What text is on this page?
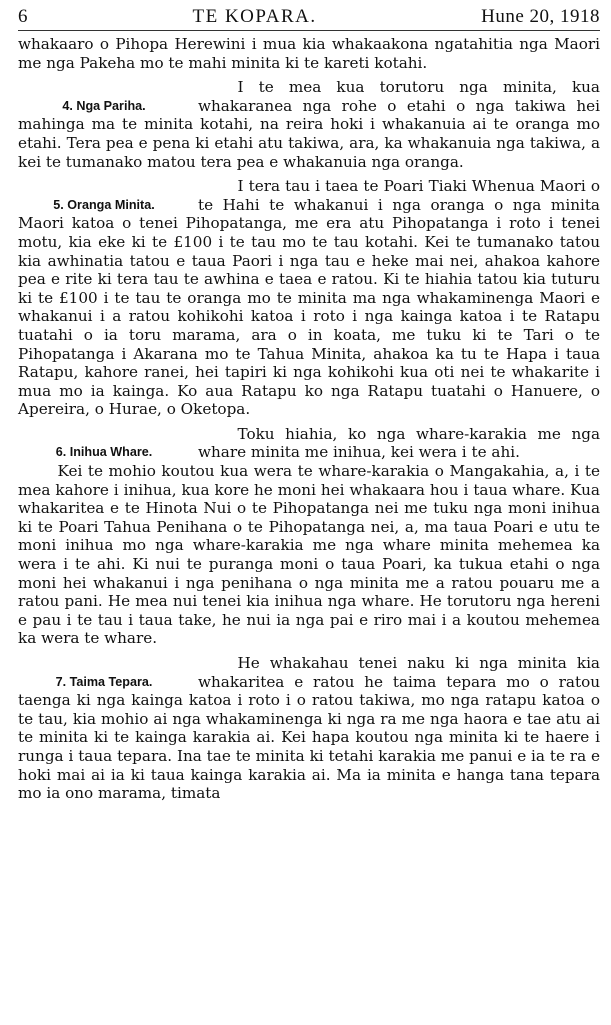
6	TE KOPARA.	Hune 20, 1918

whakaaro o Pihopa Herewini i mua kia whakaakona ngatahitia nga Maori me nga Pakeha mo te mahi minita ki te kareti kotahi.

4. Nga Pariha.

I te mea kua torutoru nga minita, kua whakaranea nga rohe o etahi o nga takiwa hei mahinga ma te minita kotahi, na reira hoki i whakanuia ai te oranga mo etahi. Tera pea e pena ki etahi atu takiwa, ara, ka whakanuia nga takiwa, a kei te tumanako matou tera pea e whakanuia nga oranga.

5. Oranga Minita.

I tera tau i taea te Poari Tiaki Whenua Maori o te Hahi te whakanui i nga oranga o nga minita Maori katoa o tenei Pihopatanga, me era atu Pihopatanga i roto i tenei motu, kia eke ki te £100 i te tau mo te tau kotahi. Kei te tumanako tatou kia awhinatia tatou e taua Paori i nga tau e heke mai nei, ahakoa kahore pea e rite ki tera tau te awhina e taea e ratou. Ki te hiahia tatou kia tuturu ki te £100 i te tau te oranga mo te minita ma nga whakaminenga Maori e whakanui i a ratou kohikohi katoa i roto i nga kainga katoa i te Ratapu tuatahi o ia toru marama, ara o in koata, me tuku ki te Tari o te Pihopatanga i Akarana mo te Tahua Minita, ahakoa ka tu te Hapa i taua Ratapu, kahore ranei, hei tapiri ki nga kohikohi kua oti nei te whakarite i mua mo ia kainga. Ko aua Ratapu ko nga Ratapu tuatahi o Hanuere, o Apereira, o Hurae, o Oketopa.

6. Inihua Whare.

Toku hiahia, ko nga whare-karakia me nga whare minita me inihua, kei wera i te ahi.

Kei te mohio koutou kua wera te whare-karakia o Mangakahia, a, i te mea kahore i inihua, kua kore he moni hei whakaara hou i taua whare. Kua whakaritea e te Hinota Nui o te Pihopatanga nei me tuku nga moni inihua ki te Poari Tahua Penihana o te Pihopatanga nei, a, ma taua Poari e utu te moni inihua mo nga whare-karakia me nga whare minita mehemea ka wera i te ahi. Ki nui te puranga moni o taua Poari, ka tukua etahi o nga moni hei whakanui i nga penihana o nga minita me a ratou pouaru me a ratou pani. He mea nui tenei kia inihua nga whare. He torutoru nga hereni e pau i te tau i taua take, he nui ia nga pai e riro mai i a koutou mehemea ka wera te whare.

7. Taima Tepara.

He whakahau tenei naku ki nga minita kia whakaritea e ratou he taima tepara mo o ratou taenga ki nga kainga katoa i roto i o ratou takiwa, mo nga ratapu katoa o te tau, kia mohio ai nga whakaminenga ki nga ra me nga haora e tae atu ai te minita ki te kainga karakia ai. Kei hapa koutou nga minita ki te haere i runga i taua tepara. Ina tae te minita ki tetahi karakia me panui e ia te ra e hoki mai ai ia ki taua kainga karakia ai. Ma ia minita e hanga tana tepara mo ia ono marama, timata
